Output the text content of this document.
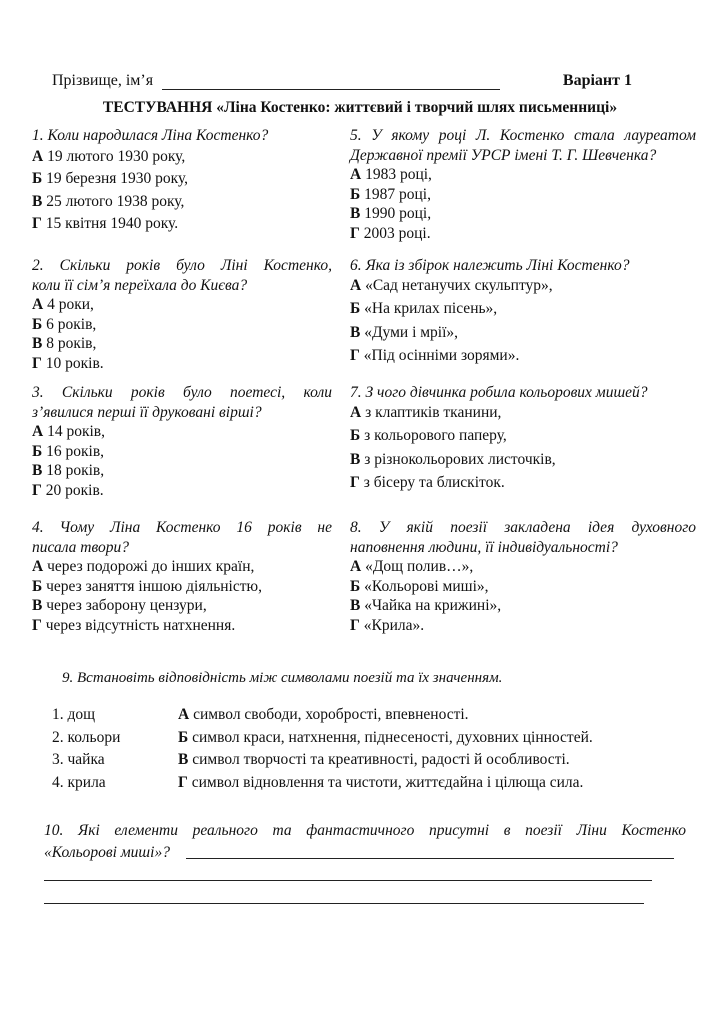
Прізвище, ім’я	Варіант 1
ТЕСТУВАННЯ «Ліна Костенко: життєвий і творчий шлях письменниці»
1. Коли народилася Ліна Костенко?
А 19 лютого 1930 року,
Б 19 березня 1930 року,
В 25 лютого 1938 року,
Г 15 квітня 1940 року.
2. Скільки років було Ліні Костенко,
коли її сім’я переїхала до Києва?
А 4 роки,
Б 6 років,
В 8 років,
Г 10 років.
3. Скільки років було поетесі, коли
з’явилися перші її друковані вірші?
А 14 років,
Б 16 років,
В 18 років,
Г 20 років.
4. Чому Ліна Костенко 16 років не
писала твори?
А через подорожі до інших країн,
Б через заняття іншою діяльністю,
В через заборону цензури,
Г через відсутність натхнення.
5. У якому році Л. Костенко стала лауреатом
Державної премії УРСР імені Т. Г. Шевченка?
А 1983 році,
Б 1987 році,
В 1990 році,
Г 2003 році.
6. Яка із збірок належить Ліні Костенко?
А «Сад нетанучих скульптур»,
Б «На крилах пісень»,
В «Думи і мрії»,
Г «Під осінніми зорями».
7. З чого дівчинка робила кольорових мишей?
А з клаптиків тканини,
Б з кольорового паперу,
В з різнокольорових листочків,
Г з бісеру та блискіток.
8. У якій поезії закладена ідея духовного
наповнення людини, її індивідуальності?
А «Дощ полив…»,
Б «Кольорові миші»,
В «Чайка на крижині»,
Г «Крила».
9. Встановіть відповідність між символами поезій та їх значенням.
1. дощ	А символ свободи, хоробрості, впевненості.
2. кольори	Б символ краси, натхнення, піднесеності, духовних цінностей.
3. чайка	В символ творчості та креативності, радості й особливості.
4. крила	Г символ відновлення та чистоти, життєдайна і цілюща сила.
10. Які елементи реального та фантастичного присутні в поезії Ліни Костенко
«Кольорові миші»?
